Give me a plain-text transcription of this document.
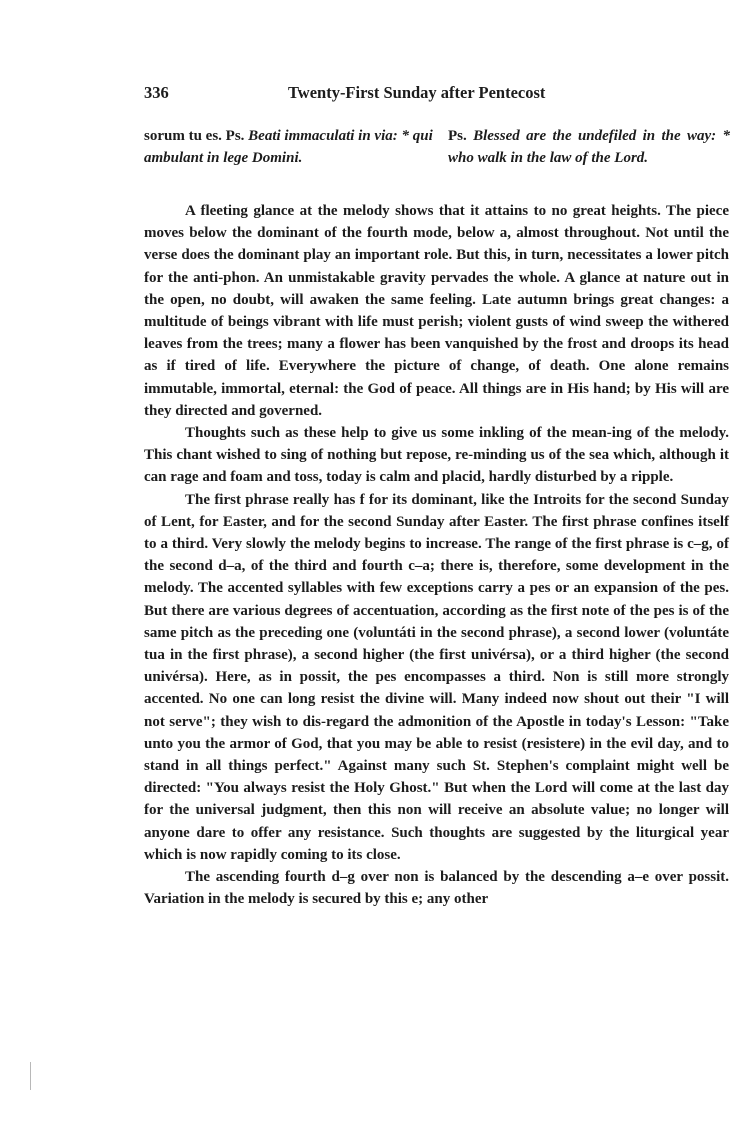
336	Twenty-First Sunday after Pentecost
sorum tu es. Ps. Beati immaculati in via: * qui ambulant in lege Domini.
Ps. Blessed are the undefiled in the way: * who walk in the law of the Lord.

A fleeting glance at the melody shows that it attains to no great heights. The piece moves below the dominant of the fourth mode, below a, almost throughout. Not until the verse does the dominant play an important role. But this, in turn, necessitates a lower pitch for the anti-phon. An unmistakable gravity pervades the whole. A glance at nature out in the open, no doubt, will awaken the same feeling. Late autumn brings great changes: a multitude of beings vibrant with life must perish; violent gusts of wind sweep the withered leaves from the trees; many a flower has been vanquished by the frost and droops its head as if tired of life. Everywhere the picture of change, of death. One alone remains immutable, immortal, eternal: the God of peace. All things are in His hand; by His will are they directed and governed.

Thoughts such as these help to give us some inkling of the mean-ing of the melody. This chant wished to sing of nothing but repose, re-minding us of the sea which, although it can rage and foam and toss, today is calm and placid, hardly disturbed by a ripple.

The first phrase really has f for its dominant, like the Introits for the second Sunday of Lent, for Easter, and for the second Sunday after Easter. The first phrase confines itself to a third. Very slowly the melody begins to increase. The range of the first phrase is c–g, of the second d–a, of the third and fourth c–a; there is, therefore, some development in the melody. The accented syllables with few exceptions carry a pes or an expansion of the pes. But there are various degrees of accentuation, according as the first note of the pes is of the same pitch as the preceding one (voluntáti in the second phrase), a second lower (voluntáte tua in the first phrase), a second higher (the first univérsa), or a third higher (the second univérsa). Here, as in possit, the pes encompasses a third. Non is still more strongly accented. No one can long resist the divine will. Many indeed now shout out their "I will not serve"; they wish to dis-regard the admonition of the Apostle in today's Lesson: "Take unto you the armor of God, that you may be able to resist (resistere) in the evil day, and to stand in all things perfect." Against many such St. Stephen's complaint might well be directed: "You always resist the Holy Ghost." But when the Lord will come at the last day for the universal judgment, then this non will receive an absolute value; no longer will anyone dare to offer any resistance. Such thoughts are suggested by the liturgical year which is now rapidly coming to its close.

The ascending fourth d–g over non is balanced by the descending a–e over possit. Variation in the melody is secured by this e; any other
